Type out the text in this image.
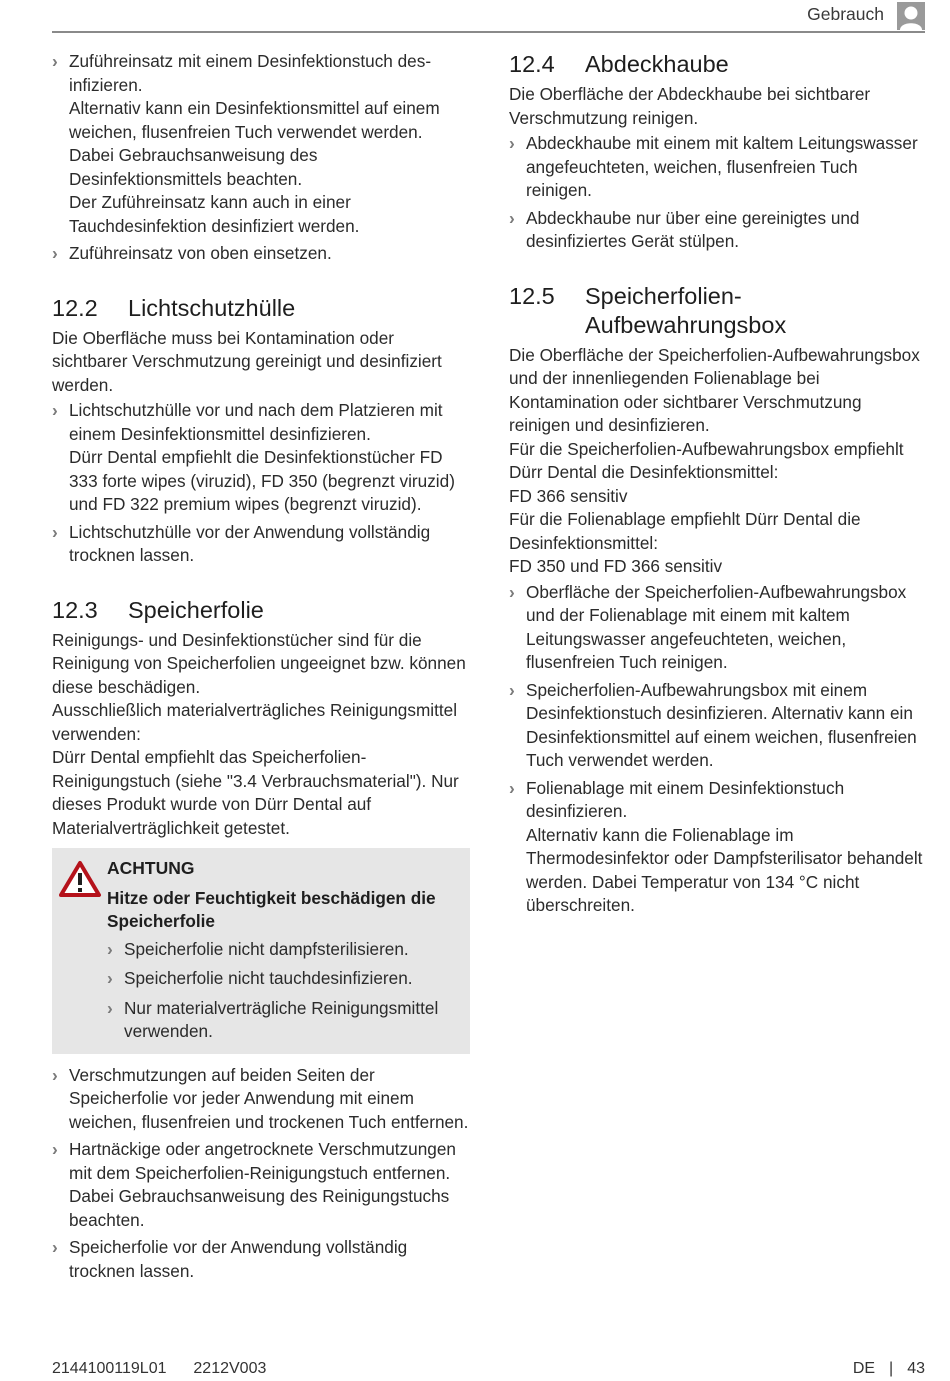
Gebrauch
› Zuführeinsatz mit einem Desinfektionstuch desinfizieren.
Alternativ kann ein Desinfektionsmittel auf einem weichen, flusenfreien Tuch verwendet werden. Dabei Gebrauchsanweisung des Desinfektionsmittels beachten.
Der Zuführeinsatz kann auch in einer Tauchdesinfektion desinfiziert werden.
› Zuführeinsatz von oben einsetzen.
12.2 Lichtschutzhülle

Die Oberfläche muss bei Kontamination oder sichtbarer Verschmutzung gereinigt und desinfiziert werden.

› Lichtschutzhülle vor und nach dem Platzieren mit einem Desinfektionsmittel desinfizieren.
Dürr Dental empfiehlt die Desinfektionstücher FD 333 forte wipes (viruzid), FD 350 (begrenzt viruzid) und FD 322 premium wipes (begrenzt viruzid).
› Lichtschutzhülle vor der Anwendung vollständig trocknen lassen.
12.3 Speicherfolie

Reinigungs- und Desinfektionstücher sind für die Reinigung von Speicherfolien ungeeignet bzw. können diese beschädigen.

Ausschließlich materialverträgliches Reinigungsmittel verwenden:

Dürr Dental empfiehlt das Speicherfolien-Reinigungstuch (siehe "3.4 Verbrauchsmaterial"). Nur dieses Produkt wurde von Dürr Dental auf Materialverträglichkeit getestet.

ACHTUNG
Hitze oder Feuchtigkeit beschädigen die Speicherfolie
› Speicherfolie nicht dampfsterilisieren.
› Speicherfolie nicht tauchdesinfizieren.
› Nur materialverträgliche Reinigungsmittel verwenden.
› Verschmutzungen auf beiden Seiten der Speicherfolie vor jeder Anwendung mit einem weichen, flusenfreien und trockenen Tuch entfernen.
› Hartnäckige oder angetrocknete Verschmutzungen mit dem Speicherfolien-Reinigungstuch entfernen. Dabei Gebrauchsanweisung des Reinigungstuchs beachten.
› Speicherfolie vor der Anwendung vollständig trocknen lassen.
12.4 Abdeckhaube

Die Oberfläche der Abdeckhaube bei sichtbarer Verschmutzung reinigen.

› Abdeckhaube mit einem mit kaltem Leitungswasser angefeuchteten, weichen, flusenfreien Tuch reinigen.
› Abdeckhaube nur über eine gereinigtes und desinfiziertes Gerät stülpen.
12.5 Speicherfolien-Aufbewahrungsbox

Die Oberfläche der Speicherfolien-Aufbewahrungsbox und der innenliegenden Folienablage bei Kontamination oder sichtbarer Verschmutzung reinigen und desinfizieren.

Für die Speicherfolien-Aufbewahrungsbox empfiehlt Dürr Dental die Desinfektionsmittel:

FD 366 sensitiv

Für die Folienablage empfiehlt Dürr Dental die Desinfektionsmittel:

FD 350 und FD 366 sensitiv

› Oberfläche der Speicherfolien-Aufbewahrungsbox und der Folienablage mit einem mit kaltem Leitungswasser angefeuchteten, weichen, flusenfreien Tuch reinigen.
› Speicherfolien-Aufbewahrungsbox mit einem Desinfektionstuch desinfizieren. Alternativ kann ein Desinfektionsmittel auf einem weichen, flusenfreien Tuch verwendet werden.
› Folienablage mit einem Desinfektionstuch desinfizieren.
Alternativ kann die Folienablage im Thermodesinfektor oder Dampfsterilisator behandelt werden. Dabei Temperatur von 134 °C nicht überschreiten.
2144100119L01 2212V003	DE | 43
